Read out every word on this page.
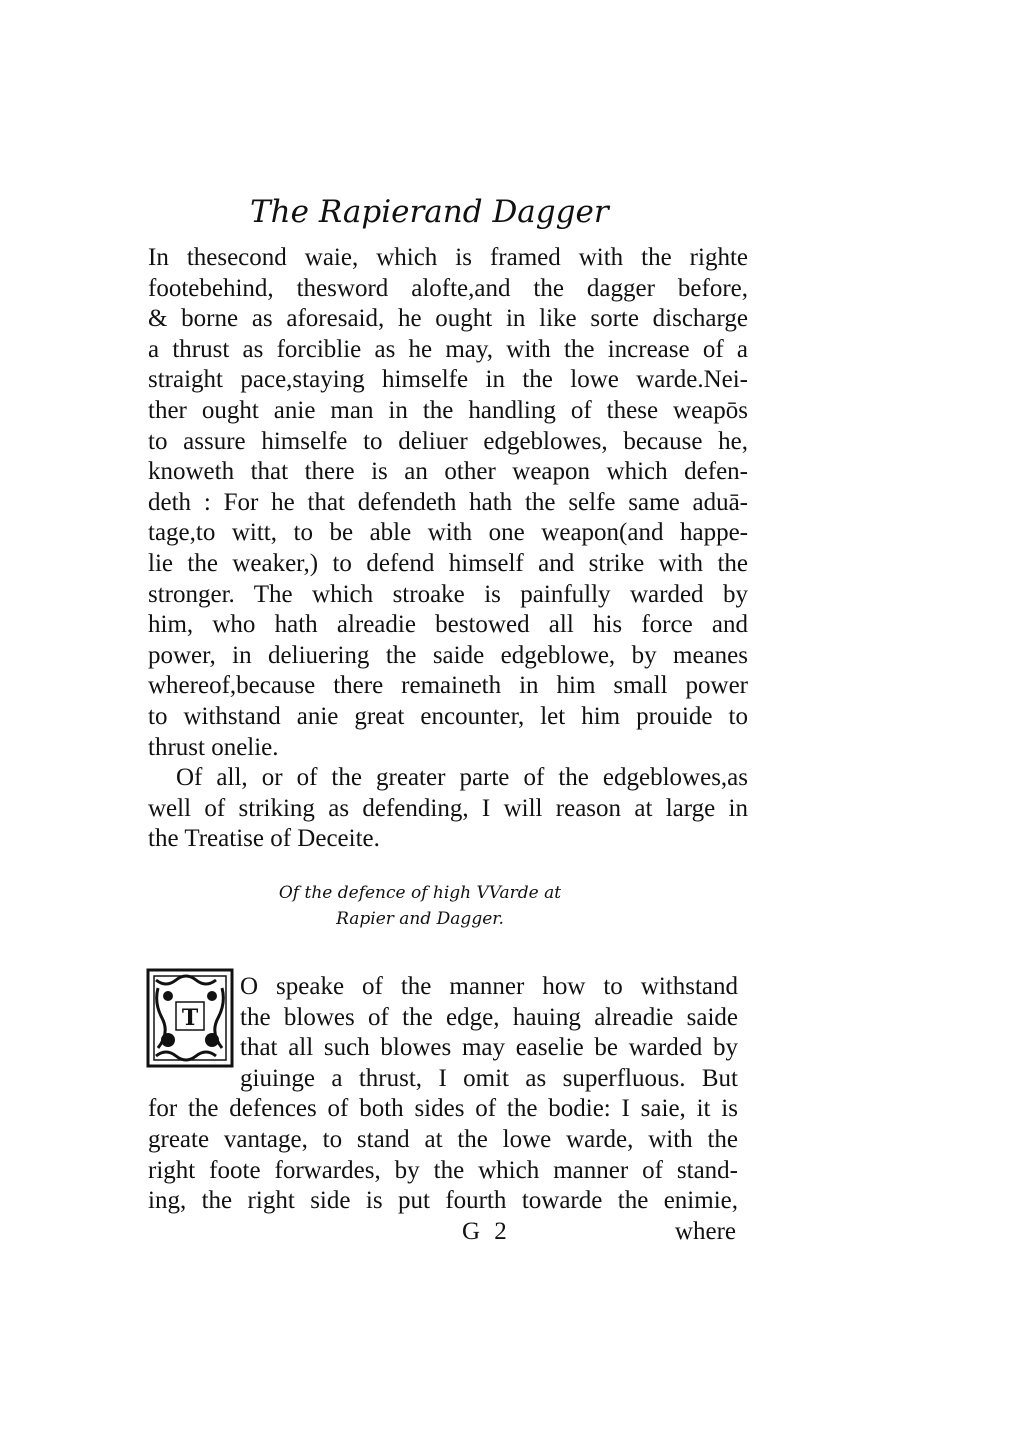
The Rapierand Dagger
In thesecond waie, which is framed with the righte
footebehind, thesword alofte,and the dagger before,
& borne as aforesaid, he ought in like sorte discharge
a thrust as forciblie as he may, with the increase of a
straight pace,staying himselfe in the lowe warde.Nei-
ther ought anie man in the handling of these weapōs
to assure himselfe to deliuer edgeblowes, because he,
knoweth that there is an other weapon which defen-
deth : For he that defendeth hath the selfe same aduā-
tage,to witt, to be able with one weapon(and happe-
lie the weaker,) to defend himself and strike with the
stronger. The which stroake is painfully warded by
him, who hath alreadie bestowed all his force and
power, in deliuering the saide edgeblowe, by meanes
whereof,because there remaineth in him small power
to withstand anie great encounter, let him prouide to
thrust onelie.
Of all, or of the greater parte of the edgeblowes,as
well of striking as defending, I will reason at large in
the Treatise of Deceite.
Of the defence of high VVarde at
Rapier and Dagger.
T
O speake of the manner how to withstand
the blowes of the edge, hauing alreadie saide
that all such blowes may easelie be warded by
giuinge a thrust, I omit as superfluous. But
for the defences of both sides of the bodie: I saie, it is
greate vantage, to stand at the lowe warde, with the
right foote forwardes, by the which manner of stand-
ing, the right side is put fourth towarde the enimie,
G 2	where
